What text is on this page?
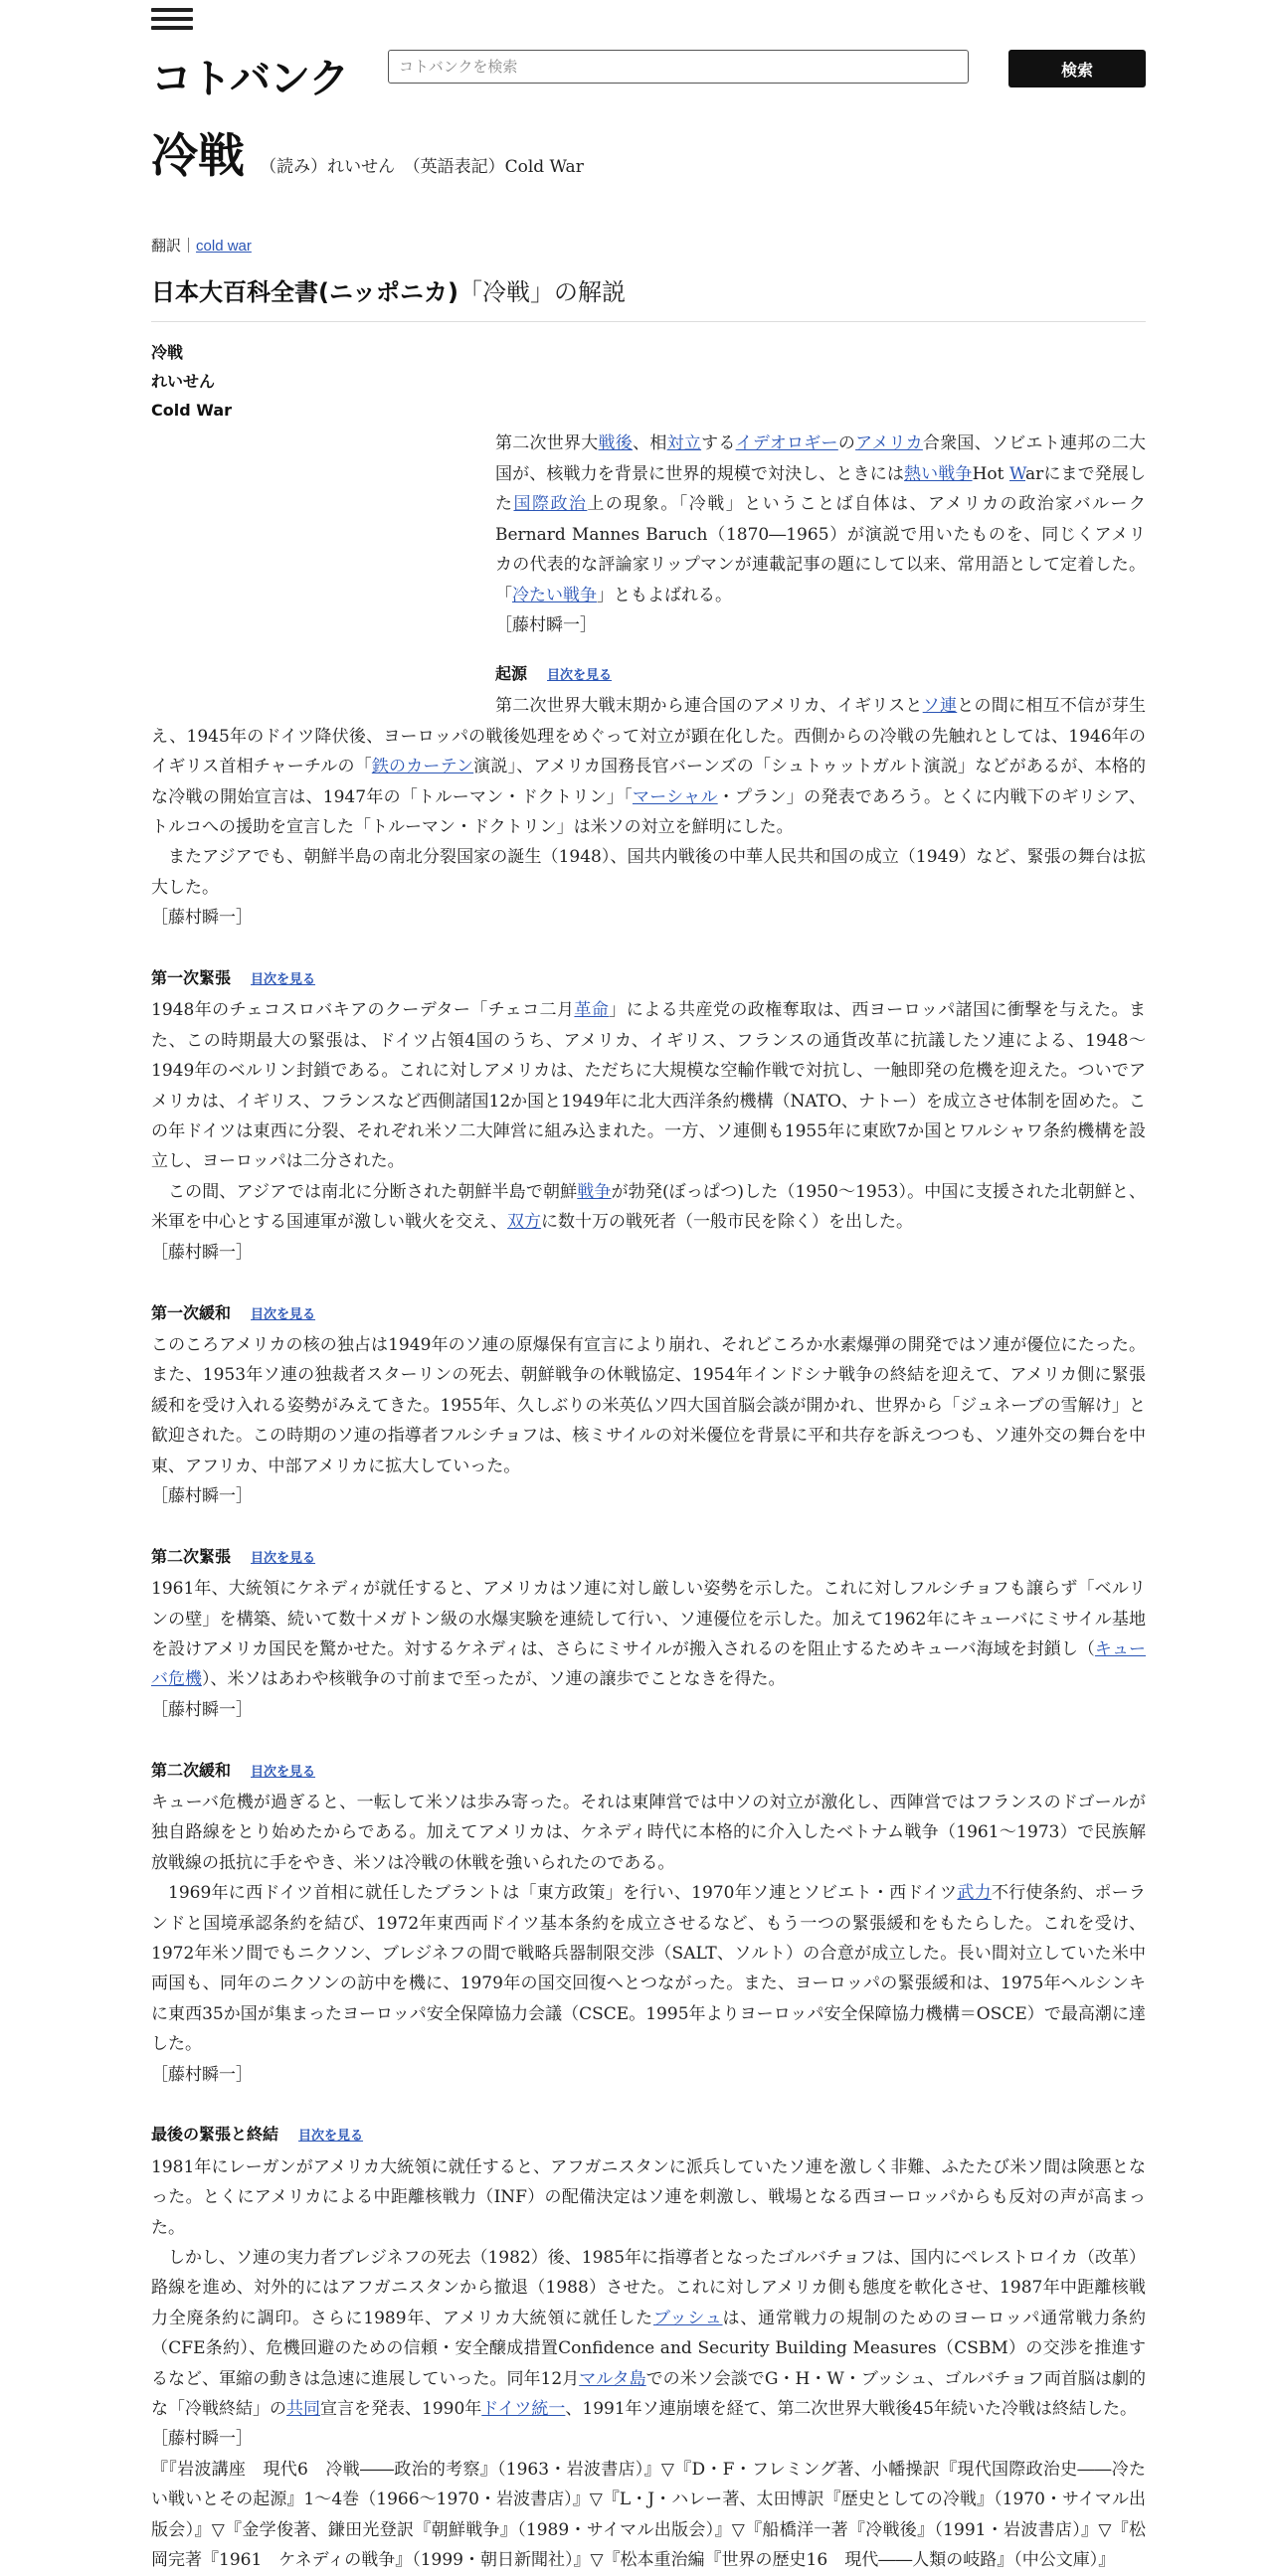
コトバンク
コトバンクを検索	検索
冷戦 （読み）れいせん　（英語表記）Cold War
翻訳｜cold war
日本大百科全書(ニッポニカ)「冷戦」の解説
冷戦
れいせん
Cold War

第二次世界大戦後、相対立するイデオロギーのアメリカ合衆国、ソビエト連邦の二大国が、核戦力を背景に世界的規模で対決し、ときには熱い戦争Hot Warにまで発展した国際政治上の現象。「冷戦」ということば自体は、アメリカの政治家バルークBernard Mannes Baruch（1870―1965）が演説で用いたものを、同じくアメリカの代表的な評論家リップマンが連載記事の題にして以来、常用語として定着した。「冷たい戦争」ともよばれる。

［藤村瞬一］

起源 目次を見る

第二次世界大戦末期から連合国のアメリカ、イギリスとソ連との間に相互不信が芽生え、1945年のドイツ降伏後、ヨーロッパの戦後処理をめぐって対立が顕在化した。西側からの冷戦の先触れとしては、1946年のイギリス首相チャーチルの「鉄のカーテン演説」、アメリカ国務長官バーンズの「シュトゥットガルト演説」などがあるが、本格的な冷戦の開始宣言は、1947年の「トルーマン・ドクトリン」「マーシャル・プラン」の発表であろう。とくに内戦下のギリシア、トルコへの援助を宣言した「トルーマン・ドクトリン」は米ソの対立を鮮明にした。

またアジアでも、朝鮮半島の南北分裂国家の誕生（1948）、国共内戦後の中華人民共和国の成立（1949）など、緊張の舞台は拡大した。

［藤村瞬一］

第一次緊張 目次を見る

1948年のチェコスロバキアのクーデター「チェコ二月革命」による共産党の政権奪取は、西ヨーロッパ諸国に衝撃を与えた。また、この時期最大の緊張は、ドイツ占領4国のうち、アメリカ、イギリス、フランスの通貨改革に抗議したソ連による、1948～1949年のベルリン封鎖である。これに対しアメリカは、ただちに大規模な空輸作戦で対抗し、一触即発の危機を迎えた。ついでアメリカは、イギリス、フランスなど西側諸国12か国と1949年に北大西洋条約機構（NATO、ナトー）を成立させ体制を固めた。この年ドイツは東西に分裂、それぞれ米ソ二大陣営に組み込まれた。一方、ソ連側も1955年に東欧7か国とワルシャワ条約機構を設立し、ヨーロッパは二分された。

この間、アジアでは南北に分断された朝鮮半島で朝鮮戦争が勃発(ぼっぱつ)した（1950～1953）。中国に支援された北朝鮮と、米軍を中心とする国連軍が激しい戦火を交え、双方に数十万の戦死者（一般市民を除く）を出した。

［藤村瞬一］

第一次緩和 目次を見る

このころアメリカの核の独占は1949年のソ連の原爆保有宣言により崩れ、それどころか水素爆弾の開発ではソ連が優位にたった。また、1953年ソ連の独裁者スターリンの死去、朝鮮戦争の休戦協定、1954年インドシナ戦争の終結を迎えて、アメリカ側に緊張緩和を受け入れる姿勢がみえてきた。1955年、久しぶりの米英仏ソ四大国首脳会談が開かれ、世界から「ジュネーブの雪解け」と歓迎された。この時期のソ連の指導者フルシチョフは、核ミサイルの対米優位を背景に平和共存を訴えつつも、ソ連外交の舞台を中東、アフリカ、中部アメリカに拡大していった。

［藤村瞬一］

第二次緊張 目次を見る

1961年、大統領にケネディが就任すると、アメリカはソ連に対し厳しい姿勢を示した。これに対しフルシチョフも譲らず「ベルリンの壁」を構築、続いて数十メガトン級の水爆実験を連続して行い、ソ連優位を示した。加えて1962年にキューバにミサイル基地を設けアメリカ国民を驚かせた。対するケネディは、さらにミサイルが搬入されるのを阻止するためキューバ海域を封鎖し（キューバ危機）、米ソはあわや核戦争の寸前まで至ったが、ソ連の譲歩でことなきを得た。

［藤村瞬一］

第二次緩和 目次を見る

キューバ危機が過ぎると、一転して米ソは歩み寄った。それは東陣営では中ソの対立が激化し、西陣営ではフランスのドゴールが独自路線をとり始めたからである。加えてアメリカは、ケネディ時代に本格的に介入したベトナム戦争（1961～1973）で民族解放戦線の抵抗に手をやき、米ソは冷戦の休戦を強いられたのである。

1969年に西ドイツ首相に就任したブラントは「東方政策」を行い、1970年ソ連とソビエト・西ドイツ武力不行使条約、ポーランドと国境承認条約を結び、1972年東西両ドイツ基本条約を成立させるなど、もう一つの緊張緩和をもたらした。これを受け、1972年米ソ間でもニクソン、ブレジネフの間で戦略兵器制限交渉（SALT、ソルト）の合意が成立した。長い間対立していた米中両国も、同年のニクソンの訪中を機に、1979年の国交回復へとつながった。また、ヨーロッパの緊張緩和は、1975年ヘルシンキに東西35か国が集まったヨーロッパ安全保障協力会議（CSCE。1995年よりヨーロッパ安全保障協力機構＝OSCE）で最高潮に達した。

［藤村瞬一］

最後の緊張と終結 目次を見る

1981年にレーガンがアメリカ大統領に就任すると、アフガニスタンに派兵していたソ連を激しく非難、ふたたび米ソ間は険悪となった。とくにアメリカによる中距離核戦力（INF）の配備決定はソ連を刺激し、戦場となる西ヨーロッパからも反対の声が高まった。

しかし、ソ連の実力者ブレジネフの死去（1982）後、1985年に指導者となったゴルバチョフは、国内にペレストロイカ（改革）路線を進め、対外的にはアフガニスタンから撤退（1988）させた。これに対しアメリカ側も態度を軟化させ、1987年中距離核戦力全廃条約に調印。さらに1989年、アメリカ大統領に就任したブッシュは、通常戦力の規制のためのヨーロッパ通常戦力条約（CFE条約）、危機回避のための信頼・安全醸成措置Confidence and Security Building Measures（CSBM）の交渉を推進するなど、軍縮の動きは急速に進展していった。同年12月マルタ島での米ソ会談でG・H・W・ブッシュ、ゴルバチョフ両首脳は劇的な「冷戦終結」の共同宣言を発表、1990年ドイツ統一、1991年ソ連崩壊を経て、第二次世界大戦後45年続いた冷戦は終結した。

［藤村瞬一］

『『岩波講座　現代6　冷戦――政治的考察』（1963・岩波書店）』▽『D・F・フレミング著、小幡操訳『現代国際政治史――冷たい戦いとその起源』1～4巻（1966～1970・岩波書店）』▽『L・J・ハレー著、太田博訳『歴史としての冷戦』（1970・サイマル出版会）』▽『金学俊著、鎌田光登訳『朝鮮戦争』（1989・サイマル出版会）』▽『船橋洋一著『冷戦後』（1991・岩波書店）』▽『松岡完著『1961　ケネディの戦争』（1999・朝日新聞社）』▽『松本重治編『世界の歴史16　現代――人類の岐路』（中公文庫）』
